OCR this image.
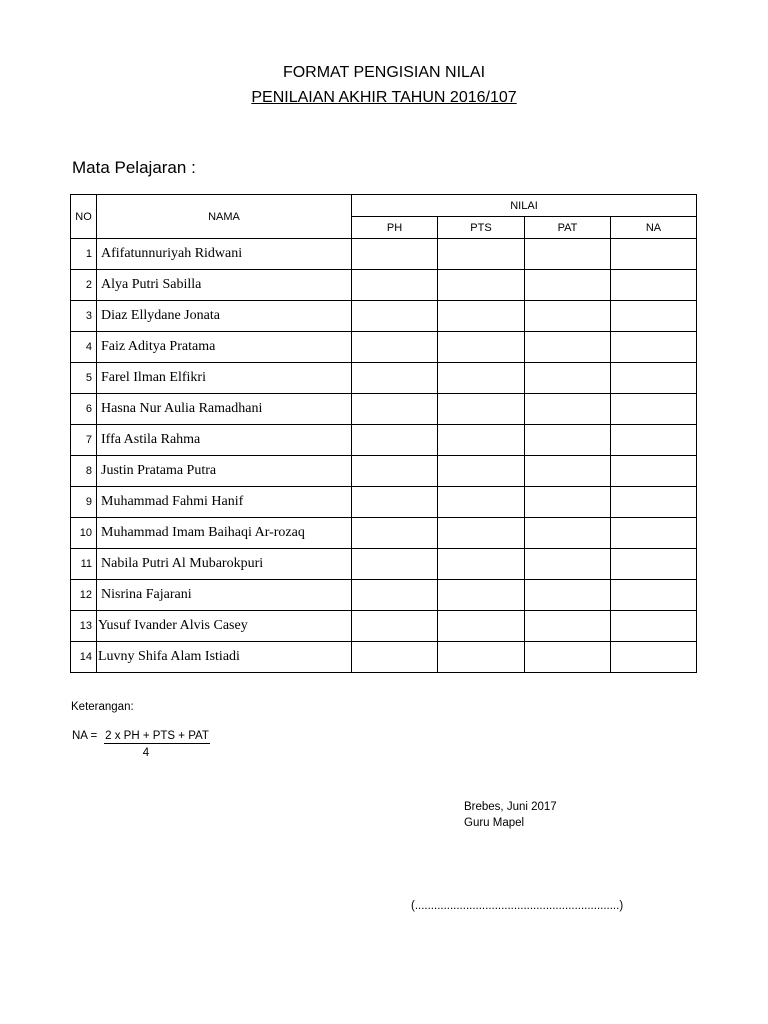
FORMAT PENGISIAN NILAI
PENILAIAN AKHIR TAHUN 2016/107
Mata Pelajaran :
NO	NAMA	NILAI			
		PH	PTS	PAT	NA
1	Afifatunnuriyah Ridwani				
2	Alya Putri Sabilla				
3	Diaz Ellydane Jonata				
4	Faiz Aditya Pratama				
5	Farel Ilman Elfikri				
6	Hasna Nur Aulia Ramadhani				
7	Iffa Astila Rahma				
8	Justin Pratama Putra				
9	Muhammad Fahmi Hanif				
10	Muhammad Imam Baihaqi Ar-rozaq				
11	Nabila Putri Al Mubarokpuri				
12	Nisrina Fajarani				
13	Yusuf Ivander Alvis Casey				
14	Luvny Shifa Alam Istiadi				
Keterangan:
NA = 2 x PH + PTS + PAT
4
Brebes, Juni 2017
Guru Mapel
(................................................................)
